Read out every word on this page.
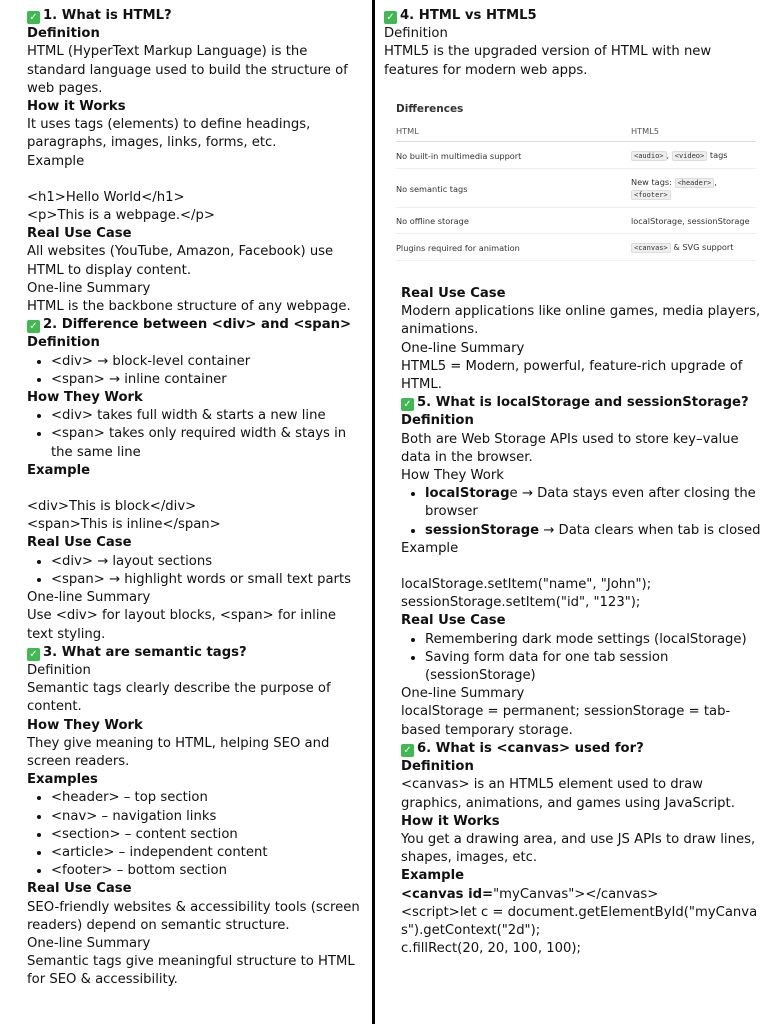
✓ 1. What is HTML?
Definition
HTML (HyperText Markup Language) is the standard language used to build the structure of web pages.
How it Works
It uses tags (elements) to define headings, paragraphs, images, links, forms, etc.
Example
<h1>Hello World</h1>
<p>This is a webpage.</p>
Real Use Case
All websites (YouTube, Amazon, Facebook) use HTML to display content.
One-line Summary
HTML is the backbone structure of any webpage.
✓ 2. Difference between <div> and <span>
Definition
• <div> → block-level container
• <span> → inline container
How They Work
• <div> takes full width & starts a new line
• <span> takes only required width & stays in the same line
Example
<div>This is block</div>
<span>This is inline</span>
Real Use Case
• <div> → layout sections
• <span> → highlight words or small text parts
One-line Summary
Use <div> for layout blocks, <span> for inline text styling.
✓ 3. What are semantic tags?
Definition
Semantic tags clearly describe the purpose of content.
How They Work
They give meaning to HTML, helping SEO and screen readers.
Examples
• <header> – top section
• <nav> – navigation links
• <section> – content section
• <article> – independent content
• <footer> – bottom section
Real Use Case
SEO-friendly websites & accessibility tools (screen readers) depend on semantic structure.
One-line Summary
Semantic tags give meaningful structure to HTML for SEO & accessibility.
✓ 4. HTML vs HTML5
Definition
HTML5 is the upgraded version of HTML with new features for modern web apps.
Differences
HTML	HTML5
No built-in multimedia support	<audio> , <video> tags
No semantic tags	New tags: <header> , <footer>
No offline storage	localStorage, sessionStorage
Plugins required for animation	<canvas> & SVG support
Real Use Case
Modern applications like online games, media players, animations.
One-line Summary
HTML5 = Modern, powerful, feature-rich upgrade of HTML.
✓ 5. What is localStorage and sessionStorage?
Definition
Both are Web Storage APIs used to store key–value data in the browser.
How They Work
• localStorage → Data stays even after closing the browser
• sessionStorage → Data clears when tab is closed
Example
localStorage.setItem("name", "John");
sessionStorage.setItem("id", "123");
Real Use Case
• Remembering dark mode settings (localStorage)
• Saving form data for one tab session (sessionStorage)
One-line Summary
localStorage = permanent; sessionStorage = tab-based temporary storage.
✓ 6. What is <canvas> used for?
Definition
<canvas> is an HTML5 element used to draw graphics, animations, and games using JavaScript.
How it Works
You get a drawing area, and use JS APIs to draw lines, shapes, images, etc.
Example
<canvas id="myCanvas"></canvas>
<script>let c = document.getElementById("myCanvas").getContext("2d");
c.fillRect(20, 20, 100, 100);
